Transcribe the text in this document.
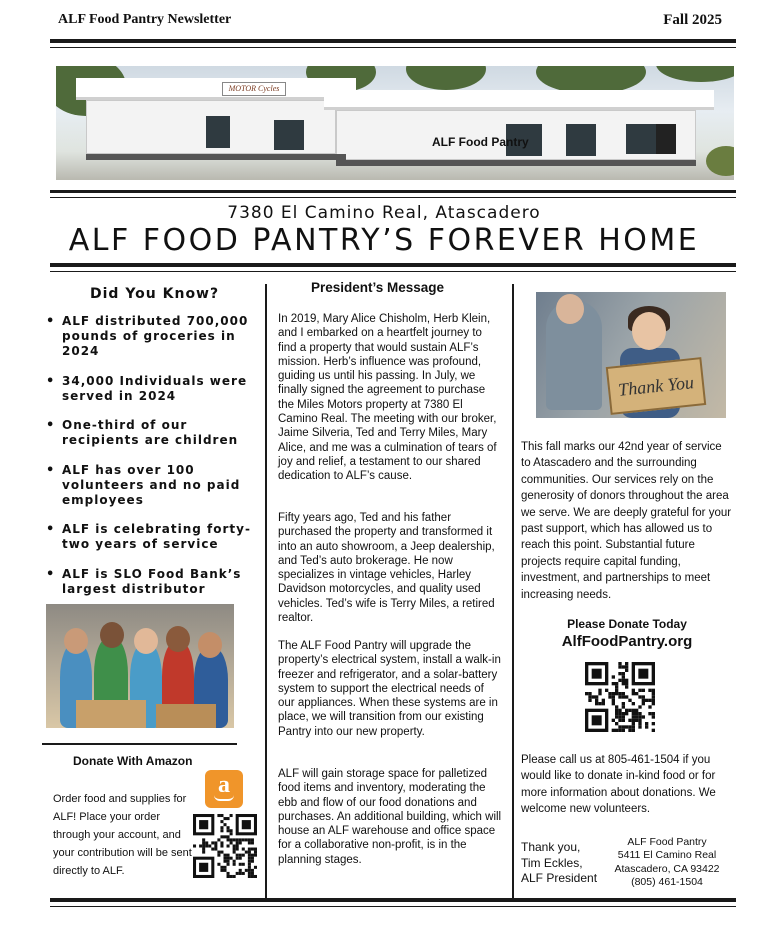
ALF Food Pantry Newsletter	Fall 2025
MOTOR Cycles
ALF Food Pantry
7380 El Camino Real, Atascadero
ALF FOOD PANTRY’S FOREVER HOME
Did You Know?
• ALF distributed 700,000 pounds of groceries in 2024
• 34,000 Individuals were served in 2024
• One-third of our recipients are children
• ALF has over 100 volunteers and no paid employees
• ALF is celebrating forty-two years of service
• ALF is SLO Food Bank’s largest distributor
Donate With Amazon
a
Order food and supplies for ALF! Place your order through your account, and your contribution will be sent directly to ALF.
President’s Message
In 2019, Mary Alice Chisholm, Herb Klein, and I embarked on a heartfelt journey to find a property that would sustain ALF’s mission. Herb’s influence was profound, guiding us until his passing. In July, we finally signed the agreement to purchase the Miles Motors property at 7380 El Camino Real. The meeting with our broker, Jaime Silveria, Ted and Terry Miles, Mary Alice, and me was a culmination of tears of joy and relief, a testament to our shared dedication to ALF’s cause.
Fifty years ago, Ted and his father purchased the property and transformed it into an auto showroom, a Jeep dealership, and Ted’s auto brokerage. He now specializes in vintage vehicles, Harley Davidson motorcycles, and quality used vehicles. Ted’s wife is Terry Miles, a retired realtor.
The ALF Food Pantry will upgrade the property’s electrical system, install a walk-in freezer and refrigerator, and a solar-battery system to support the electrical needs of our appliances. When these systems are in place, we will transition from our existing Pantry into our new property.
ALF will gain storage space for palletized food items and inventory, moderating the ebb and flow of our food donations and purchases. An additional building, which will house an ALF warehouse and office space for a collaborative non-profit, is in the planning stages.
Thank You
This fall marks our 42nd year of service to Atascadero and the surrounding communities. Our services rely on the generosity of donors throughout the area we serve. We are deeply grateful for your past support, which has allowed us to reach this point. Substantial future projects require capital funding, investment, and partnerships to meet increasing needs.
Please Donate Today
AlfFoodPantry.org
Please call us at 805-461-1504 if you would like to donate in-kind food or for more information about donations. We welcome new volunteers.
Thank you,
Tim Eckles,
ALF President
ALF Food Pantry
5411 El Camino Real
Atascadero, CA 93422
(805) 461-1504
